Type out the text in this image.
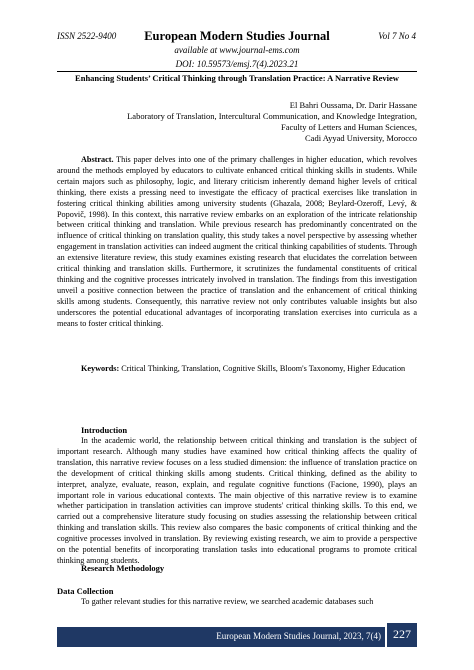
ISSN 2522-9400	European Modern Studies Journal	Vol 7 No 4
available at www.journal-ems.com
DOI: 10.59573/emsj.7(4).2023.21
Enhancing Students’ Critical Thinking through Translation Practice: A Narrative Review
El Bahri Oussama, Dr. Darir Hassane
Laboratory of Translation, Intercultural Communication, and Knowledge Integration,
Faculty of Letters and Human Sciences,
Cadi Ayyad University, Morocco
Abstract. This paper delves into one of the primary challenges in higher education, which revolves around the methods employed by educators to cultivate enhanced critical thinking skills in students. While certain majors such as philosophy, logic, and literary criticism inherently demand higher levels of critical thinking, there exists a pressing need to investigate the efficacy of practical exercises like translation in fostering critical thinking abilities among university students (Ghazala, 2008; Beylard-Ozeroff, Levý, & Popovič, 1998). In this context, this narrative review embarks on an exploration of the intricate relationship between critical thinking and translation. While previous research has predominantly concentrated on the influence of critical thinking on translation quality, this study takes a novel perspective by assessing whether engagement in translation activities can indeed augment the critical thinking capabilities of students. Through an extensive literature review, this study examines existing research that elucidates the correlation between critical thinking and translation skills. Furthermore, it scrutinizes the fundamental constituents of critical thinking and the cognitive processes intricately involved in translation. The findings from this investigation unveil a positive connection between the practice of translation and the enhancement of critical thinking skills among students. Consequently, this narrative review not only contributes valuable insights but also underscores the potential educational advantages of incorporating translation exercises into curricula as a means to foster critical thinking.
Keywords: Critical Thinking, Translation, Cognitive Skills, Bloom's Taxonomy, Higher Education
Introduction
In the academic world, the relationship between critical thinking and translation is the subject of important research. Although many studies have examined how critical thinking affects the quality of translation, this narrative review focuses on a less studied dimension: the influence of translation practice on the development of critical thinking skills among students. Critical thinking, defined as the ability to interpret, analyze, evaluate, reason, explain, and regulate cognitive functions (Facione, 1990), plays an important role in various educational contexts. The main objective of this narrative review is to examine whether participation in translation activities can improve students' critical thinking skills. To this end, we carried out a comprehensive literature study focusing on studies assessing the relationship between critical thinking and translation skills. This review also compares the basic components of critical thinking and the cognitive processes involved in translation. By reviewing existing research, we aim to provide a perspective on the potential benefits of incorporating translation tasks into educational programs to promote critical thinking among students.
Research Methodology
Data Collection
To gather relevant studies for this narrative review, we searched academic databases such
European Modern Studies Journal, 2023, 7(4)	227
